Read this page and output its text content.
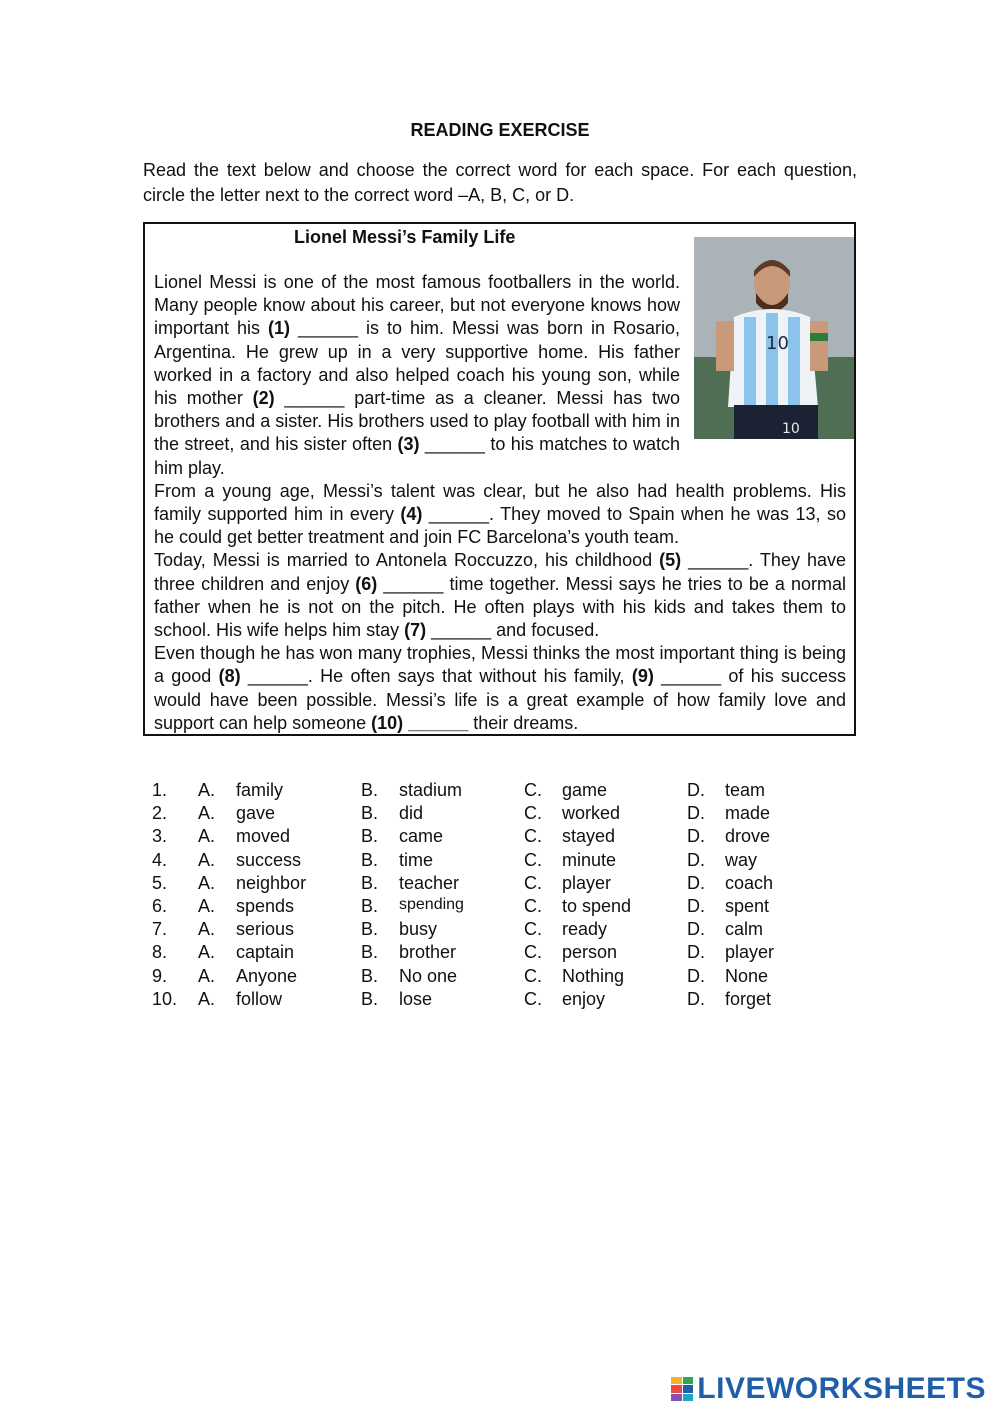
READING EXERCISE
Read the text below and choose the correct word for each space. For each question, circle the letter next to the correct word –A, B, C, or D.
Lionel Messi’s Family Life
10
10

Lionel Messi is one of the most famous footballers in the world. Many people know about his career, but not everyone knows how important his (1) ______ is to him. Messi was born in Rosario, Argentina. He grew up in a very supportive home. His father worked in a factory and also helped coach his young son, while his mother (2) ______ part-time as a cleaner. Messi has two brothers and a sister. His brothers used to play football with him in the street, and his sister often (3) ______ to his matches to watch him play.

From a young age, Messi’s talent was clear, but he also had health problems. His family supported him in every (4) ______. They moved to Spain when he was 13, so he could get better treatment and join FC Barcelona’s youth team.

Today, Messi is married to Antonela Roccuzzo, his childhood (5) ______. They have three children and enjoy (6) ______ time together. Messi says he tries to be a normal father when he is not on the pitch. He often plays with his kids and takes them to school. His wife helps him stay (7) ______ and focused.

Even though he has won many trophies, Messi thinks the most important thing is being a good (8) ______. He often says that without his family, (9) ______ of his success would have been possible. Messi’s life is a great example of how family love and support can help someone (10) ______ their dreams.

1.	A.	family	B.	stadium	C.	game	D.	team
2.	A.	gave	B.	did	C.	worked	D.	made
3.	A.	moved	B.	came	C.	stayed	D.	drove
4.	A.	success	B.	time	C.	minute	D.	way
5.	A.	neighbor	B.	teacher	C.	player	D.	coach
6.	A.	spends	B.	spending	C.	to spend	D.	spent
7.	A.	serious	B.	busy	C.	ready	D.	calm
8.	A.	captain	B.	brother	C.	person	D.	player
9.	A.	Anyone	B.	No one	C.	Nothing	D.	None
10.	A.	follow	B.	lose	C.	enjoy	D.	forget
LIVEWORKSHEETS
